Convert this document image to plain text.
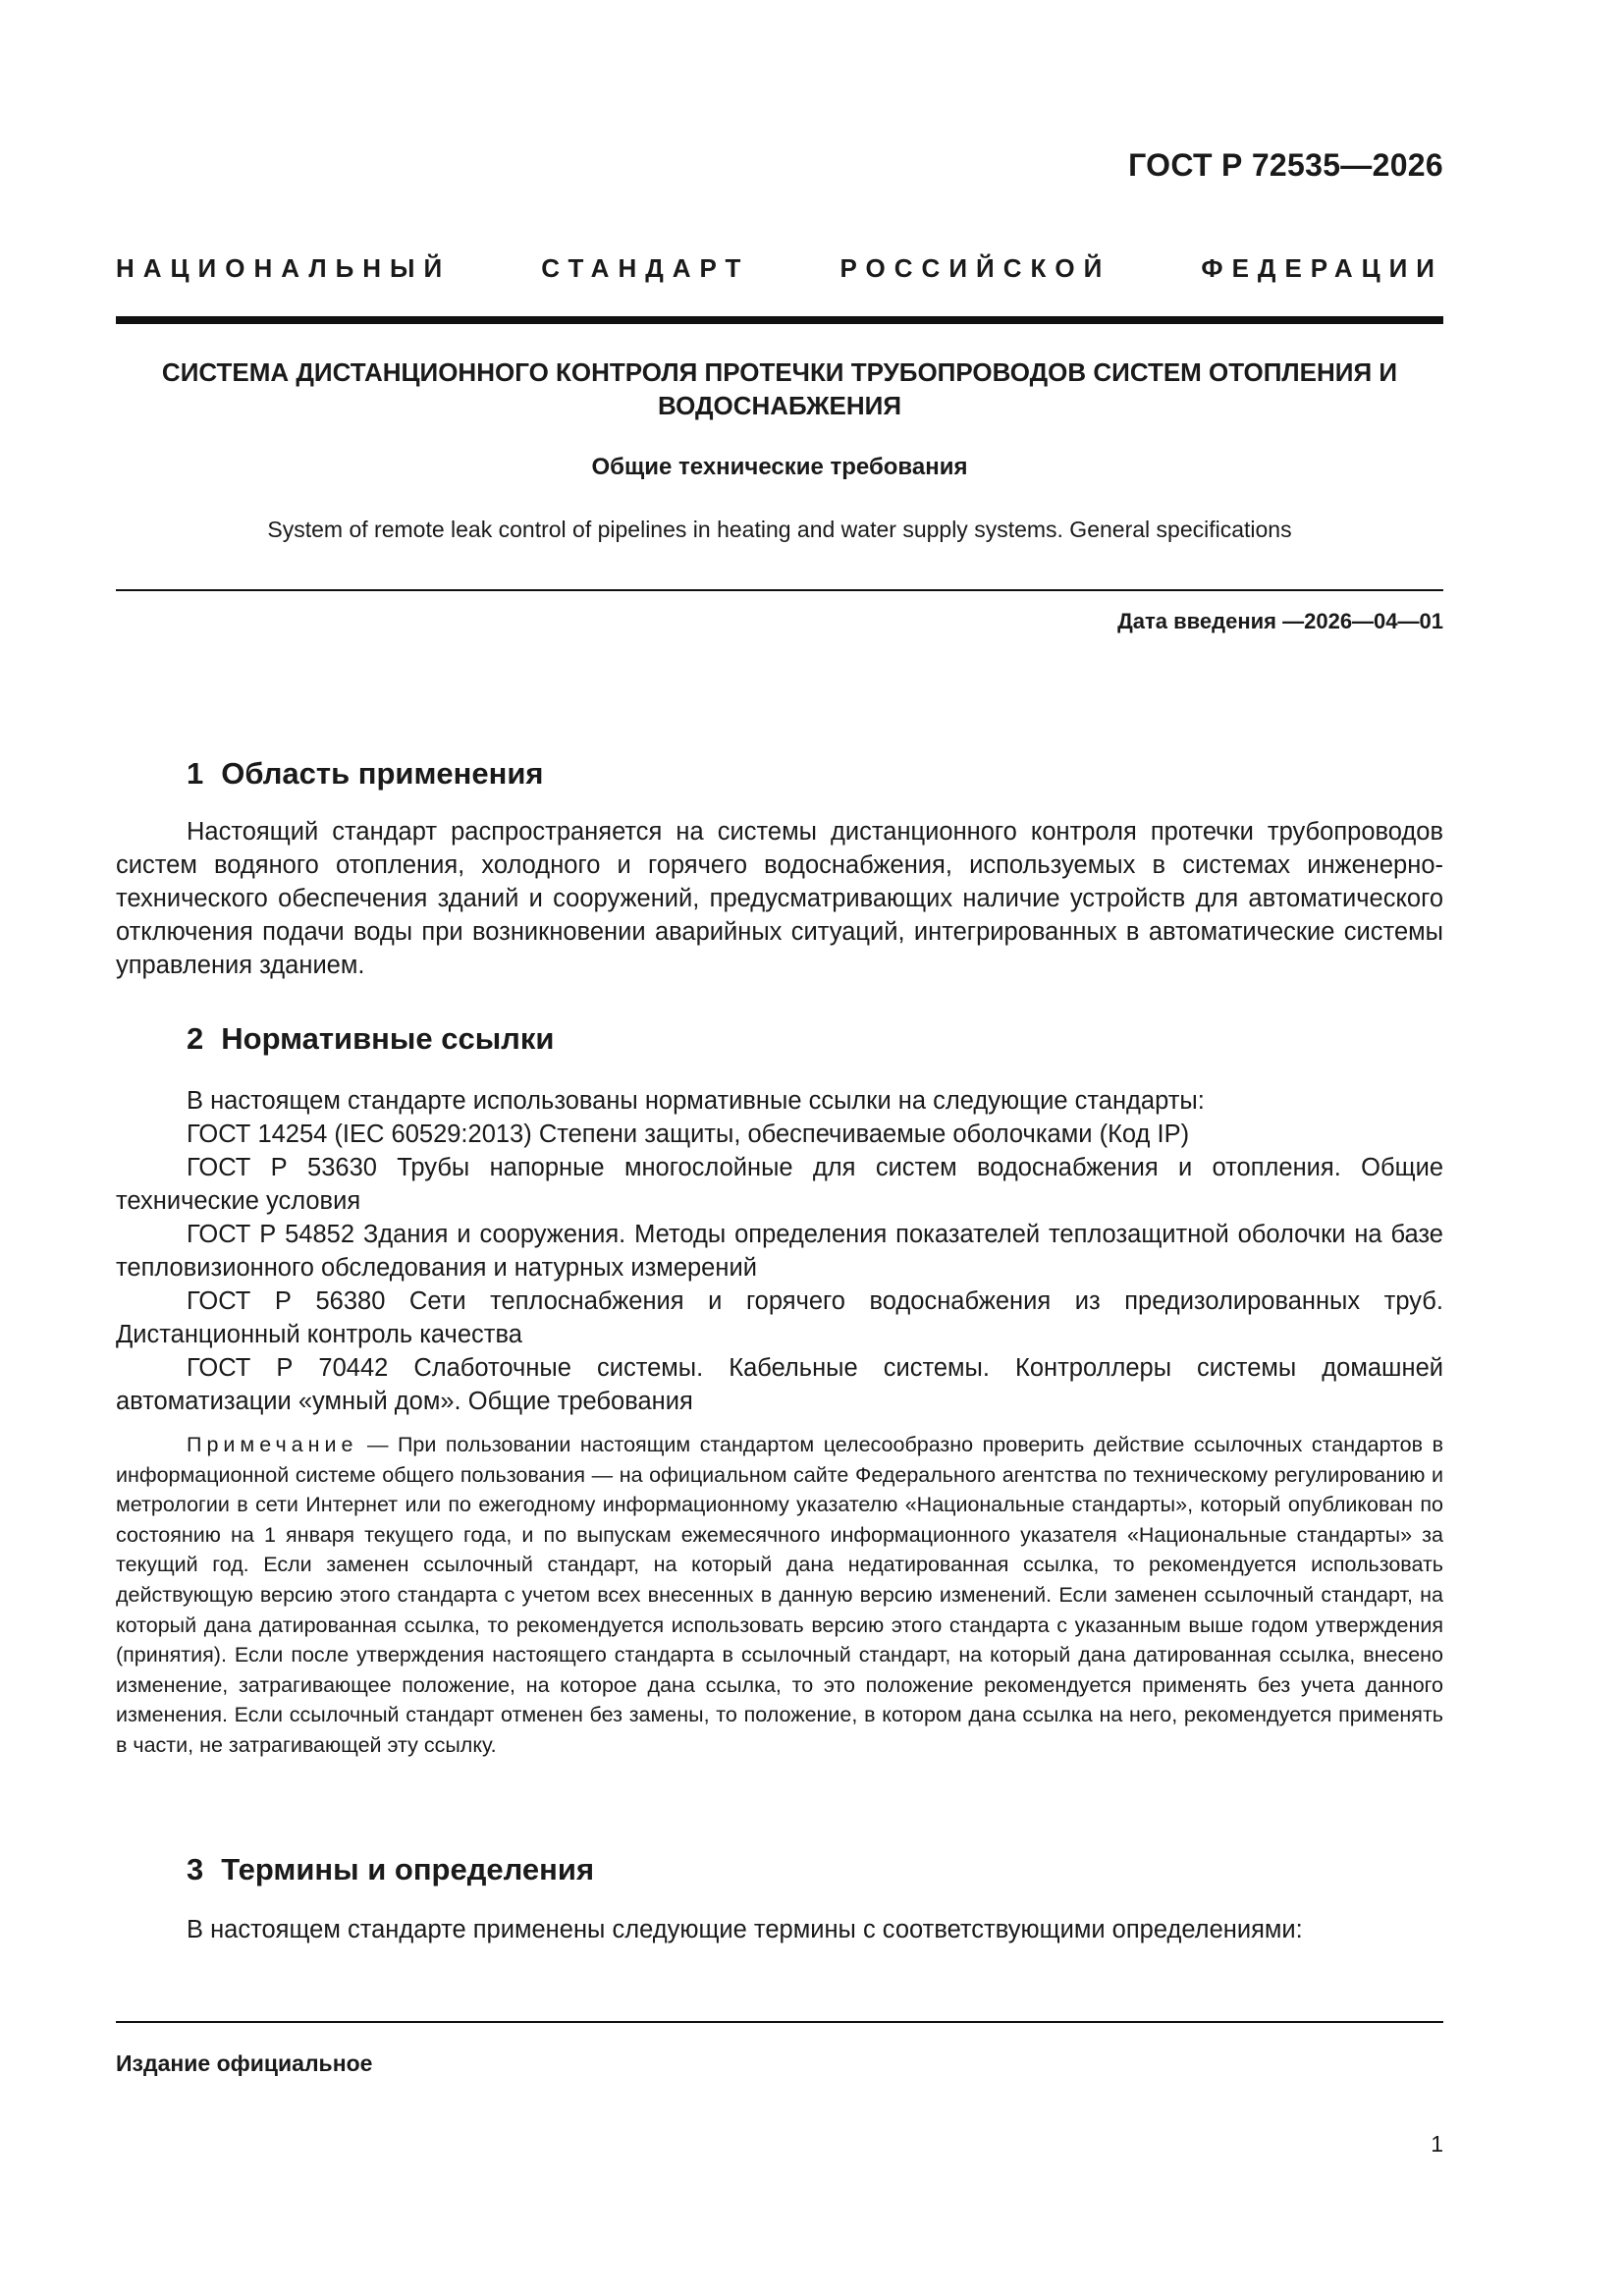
ГОСТ Р 72535—2026
НАЦИОНАЛЬНЫЙ СТАНДАРТ РОССИЙСКОЙ ФЕДЕРАЦИИ
СИСТЕМА ДИСТАНЦИОННОГО КОНТРОЛЯ ПРОТЕЧКИ ТРУБОПРОВОДОВ СИСТЕМ ОТОПЛЕНИЯ И ВОДОСНАБЖЕНИЯ
Общие технические требования
System of remote leak control of pipelines in heating and water supply systems. General specifications
Дата введения —2026—04—01
1 Область применения
Настоящий стандарт распространяется на системы дистанционного контроля протечки трубопроводов систем водяного отопления, холодного и горячего водоснабжения, используемых в системах инженерно-технического обеспечения зданий и сооружений, предусматривающих наличие устройств для автоматического отключения подачи воды при возникновении аварийных ситуаций, интегрированных в автоматические системы управления зданием.
2 Нормативные ссылки
В настоящем стандарте использованы нормативные ссылки на следующие стандарты:
ГОСТ 14254 (IEC 60529:2013) Степени защиты, обеспечиваемые оболочками (Код IP)
ГОСТ Р 53630 Трубы напорные многослойные для систем водоснабжения и отопления. Общие технические условия
ГОСТ Р 54852 Здания и сооружения. Методы определения показателей теплозащитной оболочки на базе тепловизионного обследования и натурных измерений
ГОСТ Р 56380 Сети теплоснабжения и горячего водоснабжения из предизолированных труб. Дистанционный контроль качества
ГОСТ Р 70442 Слаботочные системы. Кабельные системы. Контроллеры системы домашней автоматизации «умный дом». Общие требования
Примечание — При пользовании настоящим стандартом целесообразно проверить действие ссылочных стандартов в информационной системе общего пользования — на официальном сайте Федерального агентства по техническому регулированию и метрологии в сети Интернет или по ежегодному информационному указателю «Национальные стандарты», который опубликован по состоянию на 1 января текущего года, и по выпускам ежемесячного информационного указателя «Национальные стандарты» за текущий год. Если заменен ссылочный стандарт, на который дана недатированная ссылка, то рекомендуется использовать действующую версию этого стандарта с учетом всех внесенных в данную версию изменений. Если заменен ссылочный стандарт, на который дана датированная ссылка, то рекомендуется использовать версию этого стандарта с указанным выше годом утверждения (принятия). Если после утверждения настоящего стандарта в ссылочный стандарт, на который дана датированная ссылка, внесено изменение, затрагивающее положение, на которое дана ссылка, то это положение рекомендуется применять без учета данного изменения. Если ссылочный стандарт отменен без замены, то положение, в котором дана ссылка на него, рекомендуется применять в части, не затрагивающей эту ссылку.
3 Термины и определения
В настоящем стандарте применены следующие термины с соответствующими определениями:
Издание официальное
1
